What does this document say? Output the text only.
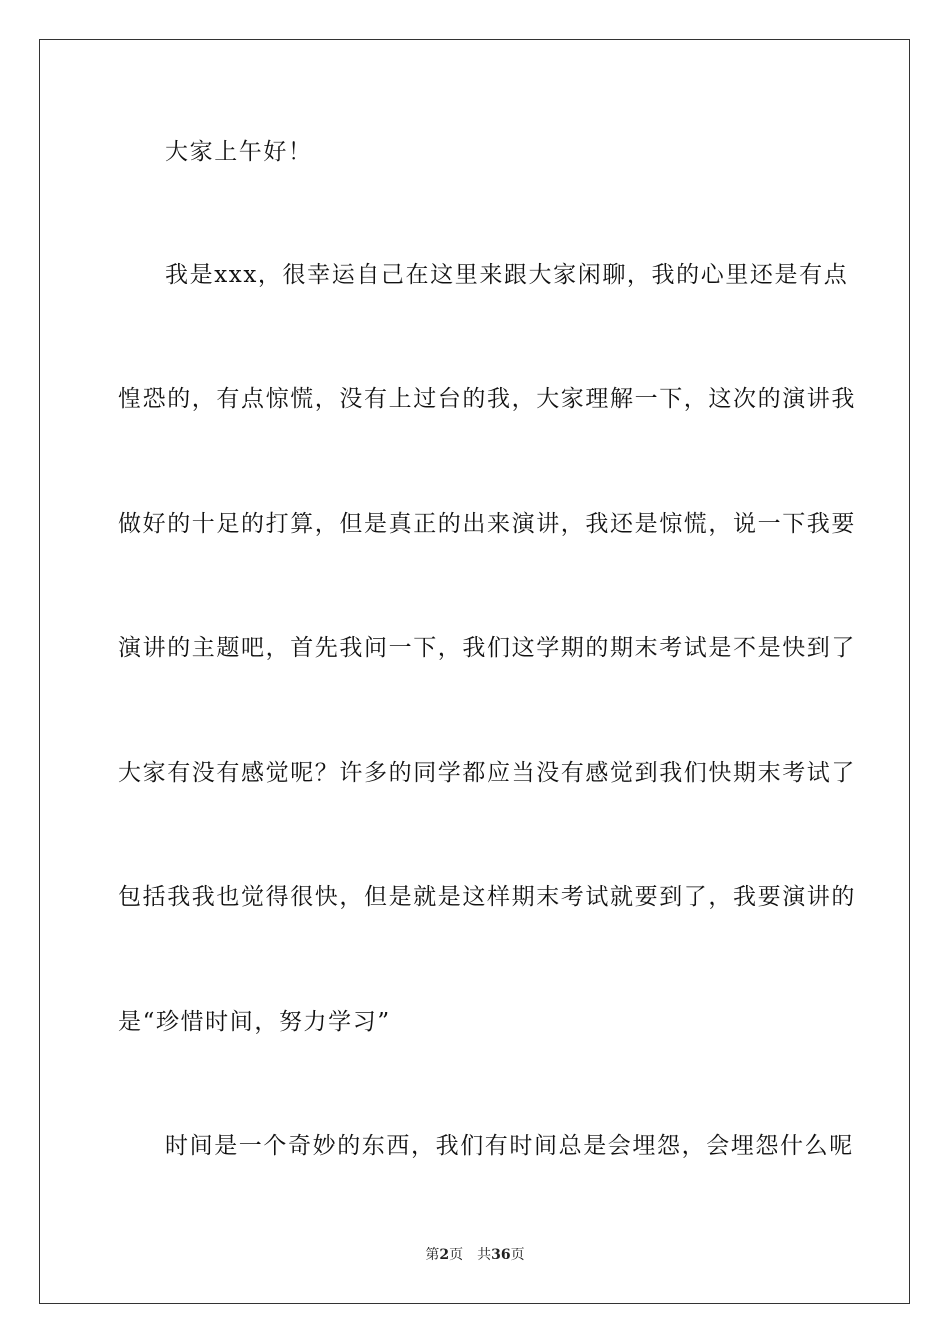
大家上午好！
我是xxx，很幸运自己在这里来跟大家闲聊，我的心里还是有点
惶恐的，有点惊慌，没有上过台的我，大家理解一下，这次的演讲我
做好的十足的打算，但是真正的出来演讲，我还是惊慌，说一下我要
演讲的主题吧，首先我问一下，我们这学期的期末考试是不是快到了
大家有没有感觉呢？许多的同学都应当没有感觉到我们快期末考试了
包括我我也觉得很快，但是就是这样期末考试就要到了，我要演讲的
是“珍惜时间，努力学习”
时间是一个奇妙的东西，我们有时间总是会埋怨，会埋怨什么呢
第2页 共36页
